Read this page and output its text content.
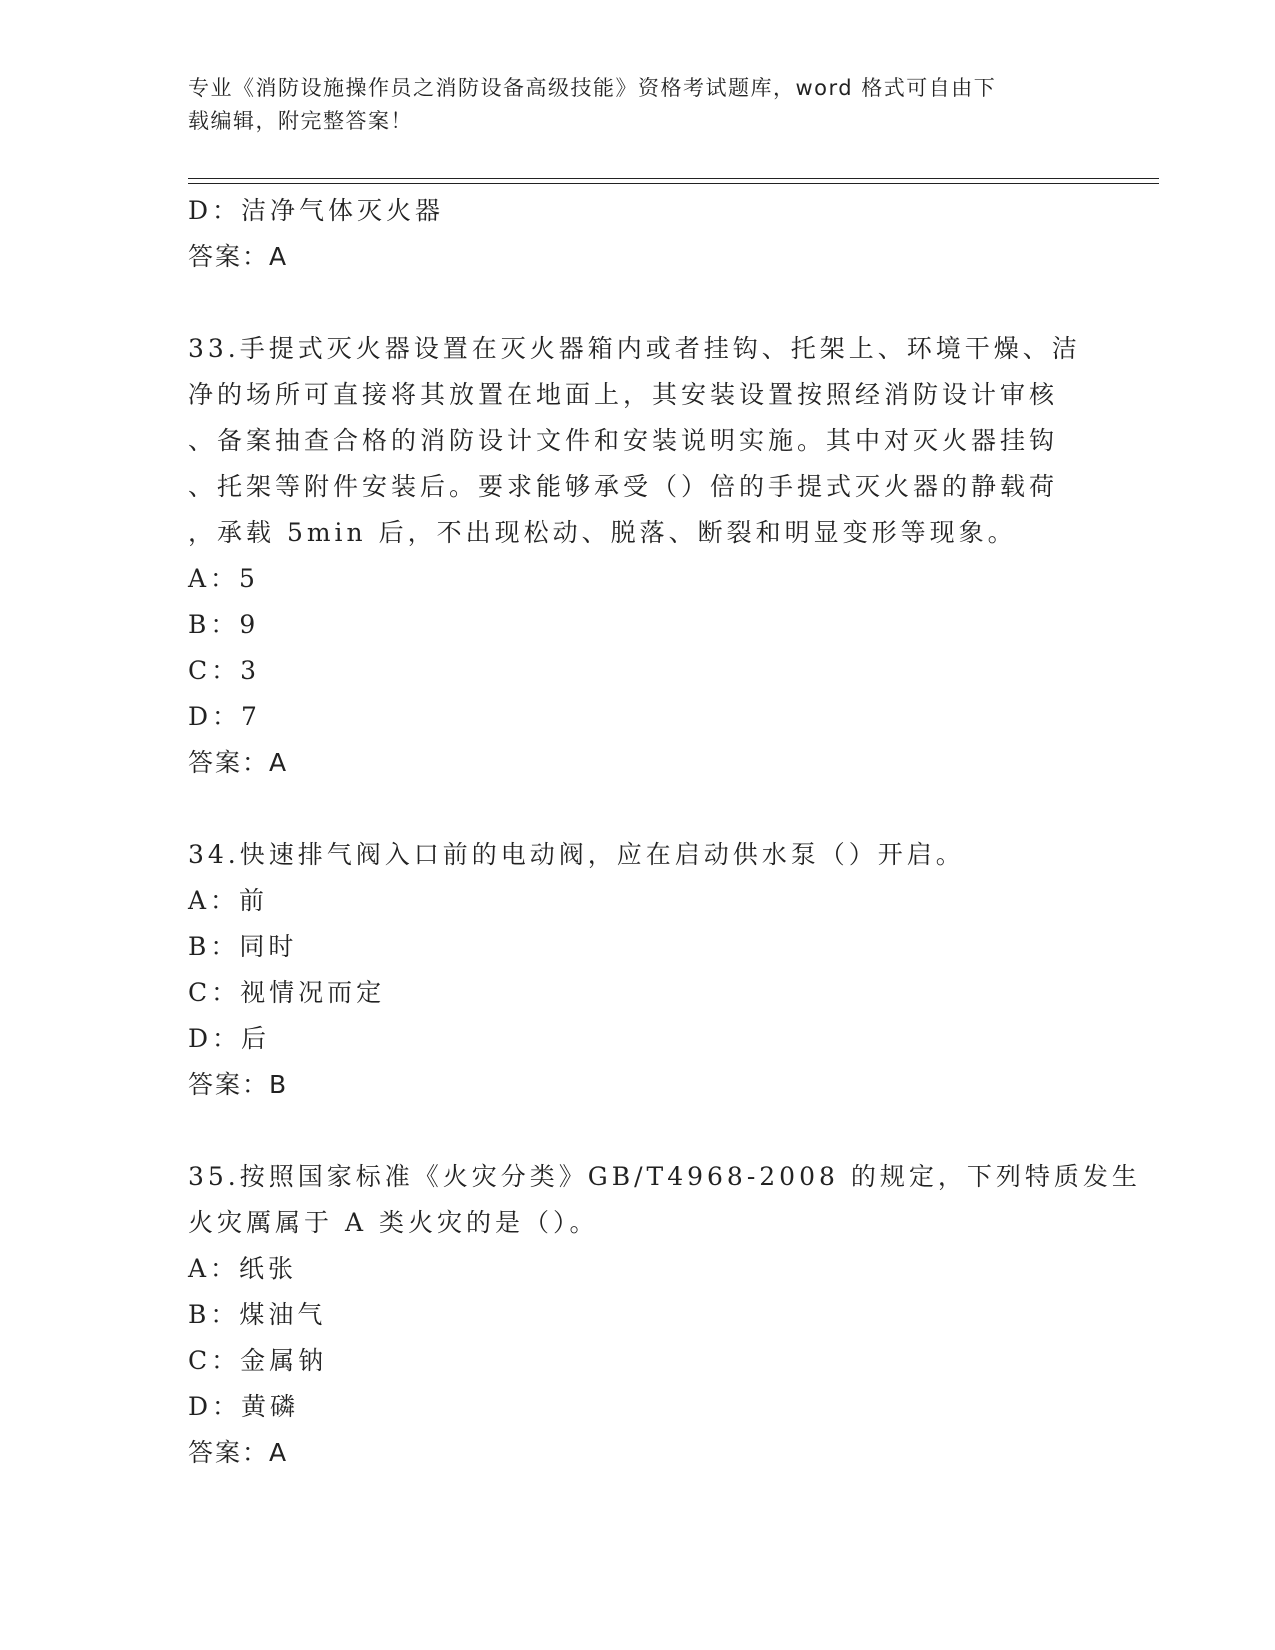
专业《消防设施操作员之消防设备高级技能》资格考试题库，word 格式可自由下
载编辑，附完整答案！
D：洁净气体灭火器
答案：A
33.手提式灭火器设置在灭火器箱内或者挂钩、托架上、环境干燥、洁
净的场所可直接将其放置在地面上，其安装设置按照经消防设计审核
、备案抽查合格的消防设计文件和安装说明实施。其中对灭火器挂钩
、托架等附件安装后。要求能够承受（）倍的手提式灭火器的静载荷
，承载 5min 后，不出现松动、脱落、断裂和明显变形等现象。
A：5
B：9
C：3
D：7
答案：A
34.快速排气阀入口前的电动阀，应在启动供水泵（）开启。
A：前
B：同时
C：视情况而定
D：后
答案：B
35.按照国家标准《火灾分类》GB/T4968-2008 的规定，下列特质发生
火灾厲属于 A 类火灾的是（）。
A：纸张
B：煤油气
C：金属钠
D：黄磷
答案：A
